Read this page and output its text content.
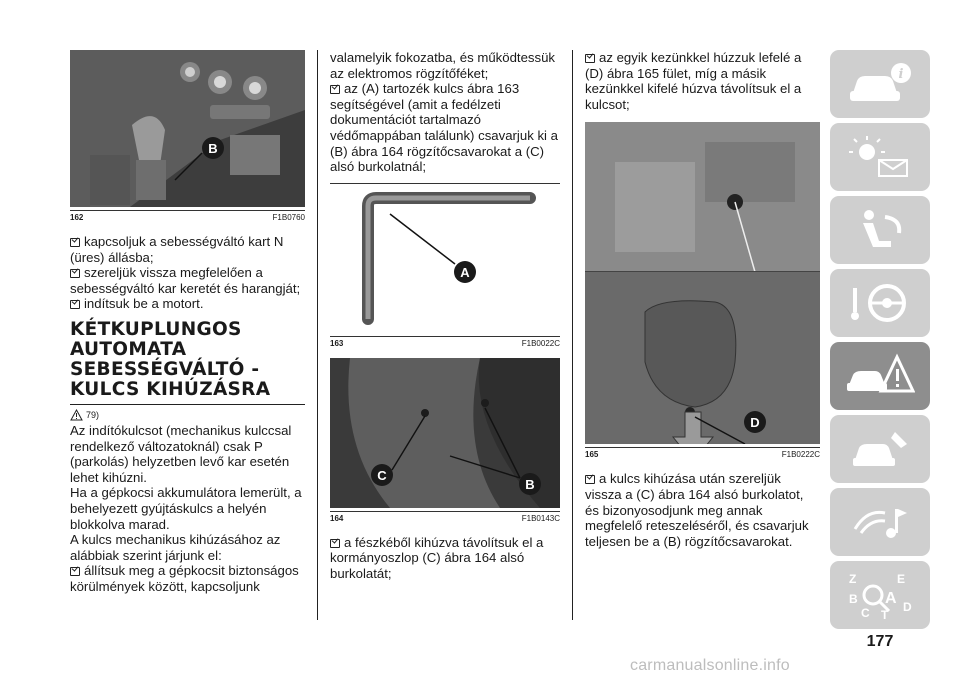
B
162	F1B0760
kapcsoljuk a sebességváltó kart N (üres) állásba;
szereljük vissza megfelelően a sebességváltó kar keretét és harangját;
indítsuk be a motort.
KÉTKUPLUNGOS
AUTOMATA
SEBESSÉGVÁLTÓ -
KULCS KIHÚZÁSRA
79)
Az indítókulcsot (mechanikus kulccsal rendelkező változatoknál) csak P (parkolás) helyzetben levő kar esetén lehet kihúzni.
Ha a gépkocsi akkumulátora lemerült, a behelyezett gyújtáskulcs a helyén blokkolva marad.
A kulcs mechanikus kihúzásához az alábbiak szerint járjunk el:
állítsuk meg a gépkocsit biztonságos körülmények között, kapcsoljunk
valamelyik fokozatba, és működtessük az elektromos rögzítőféket;
az (A) tartozék kulcs ábra 163 segítségével (amit a fedélzeti dokumentációt tartalmazó védőmappában találunk) csavarjuk ki a (B) ábra 164 rögzítőcsavarokat a (C) alsó burkolatnál;
A
163	F1B0022C
C
B
164	F1B0143C
a fészkéből kihúzva távolítsuk el a kormányoszlop (C) ábra 164 alsó burkolatát;
az egyik kezünkkel húzzuk lefelé a (D) ábra 165 fület, míg a másik kezünkkel kifelé húzva távolítsuk el a kulcsot;
D
165	F1B0222C
a kulcs kihúzása után szereljük vissza a (C) ábra 164 alsó burkolatot, és bizonyosodjunk meg annak megfelelő reteszeléséről, és csavarjuk teljesen be a (B) rögzítőcsavarokat.
i
Z	E
B A D
C T
177
carmanualsonline.info
